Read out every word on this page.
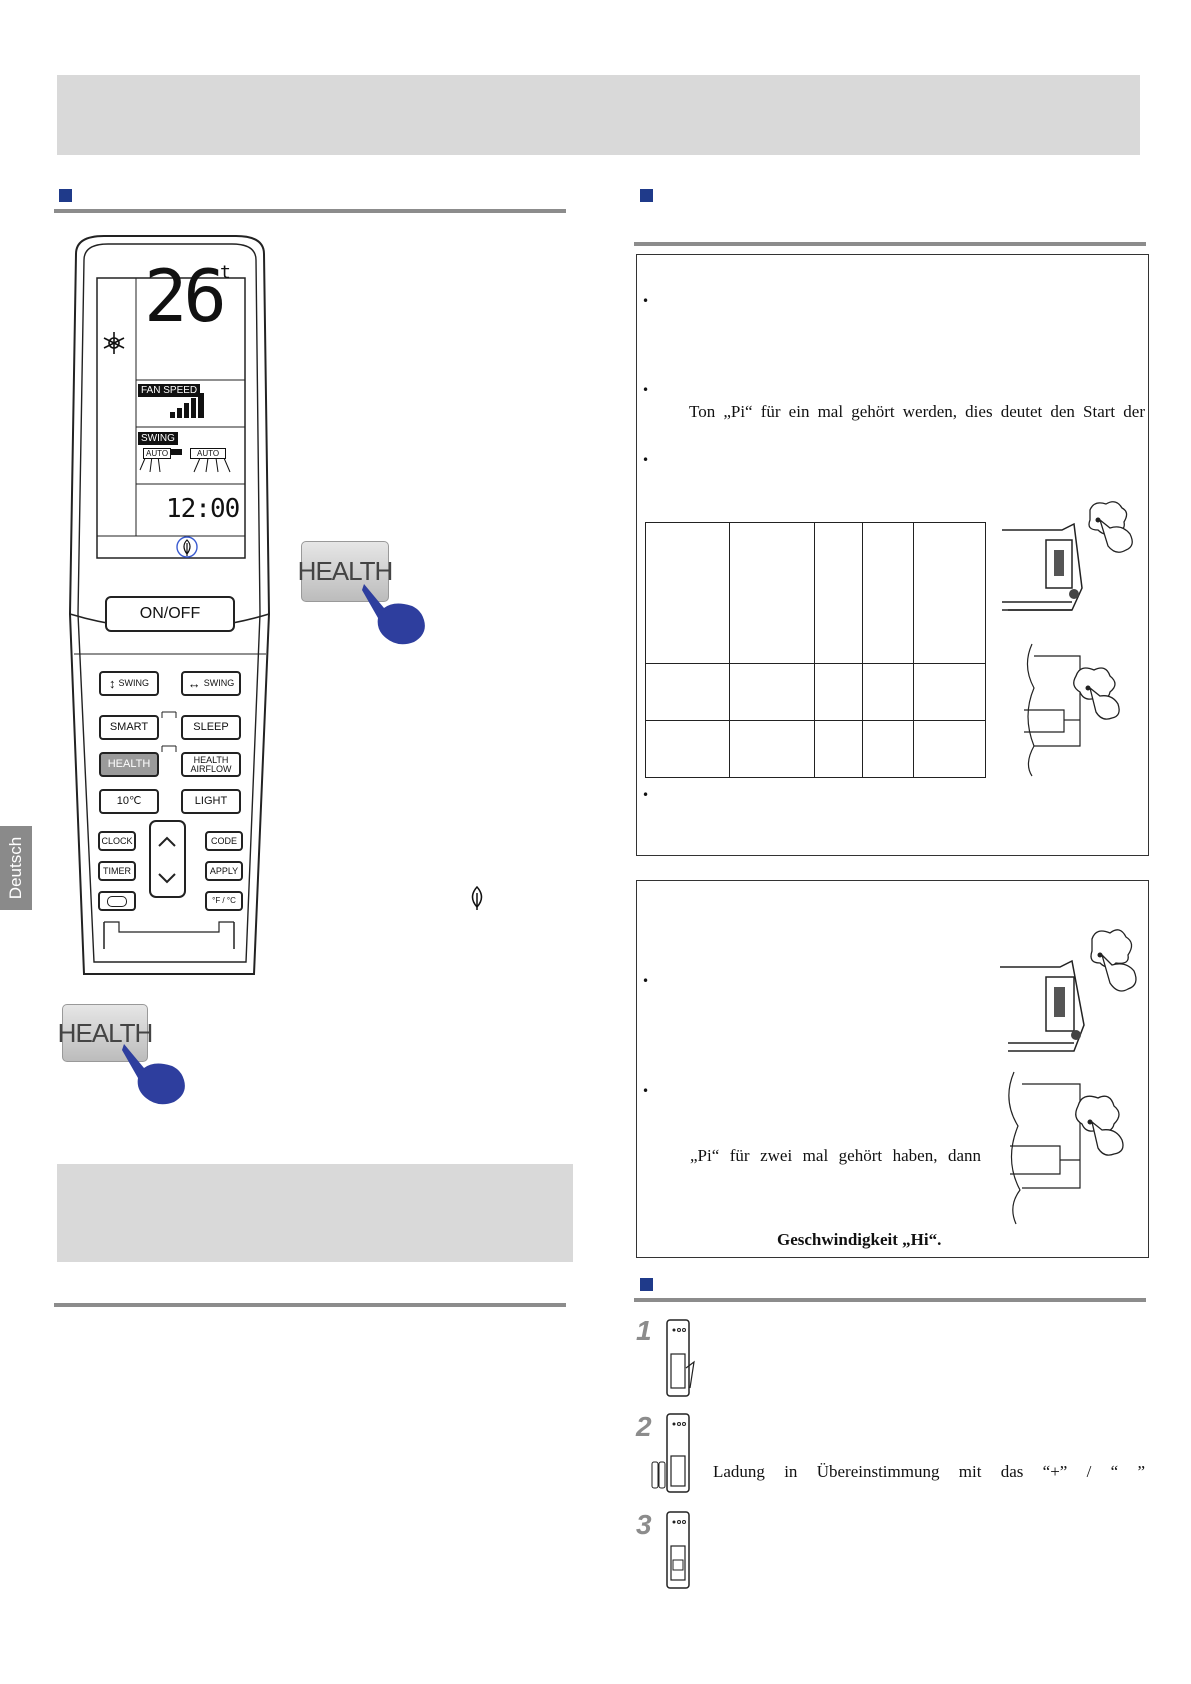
Deutsch
26
t
FAN SPEED
SWING
AUTO	AUTO
12:00
ON/OFF
↕ SWING	↔ SWING
SMART	SLEEP
HEALTH	HEALTH
AIRFLOW
10℃	LIGHT
CLOCK	CODE
TIMER	APPLY
°F / °C
HEALTH
HEALTH
•
•
Ton „Pi“ für ein mal gehört werden, dies deutet den Start der
•
•

•
•
„Pi“ für zwei mal gehört haben, dann
Geschwindigkeit „Hi“.
1
2
Ladung in Übereinstimmung mit das “+” / “ ”
3
